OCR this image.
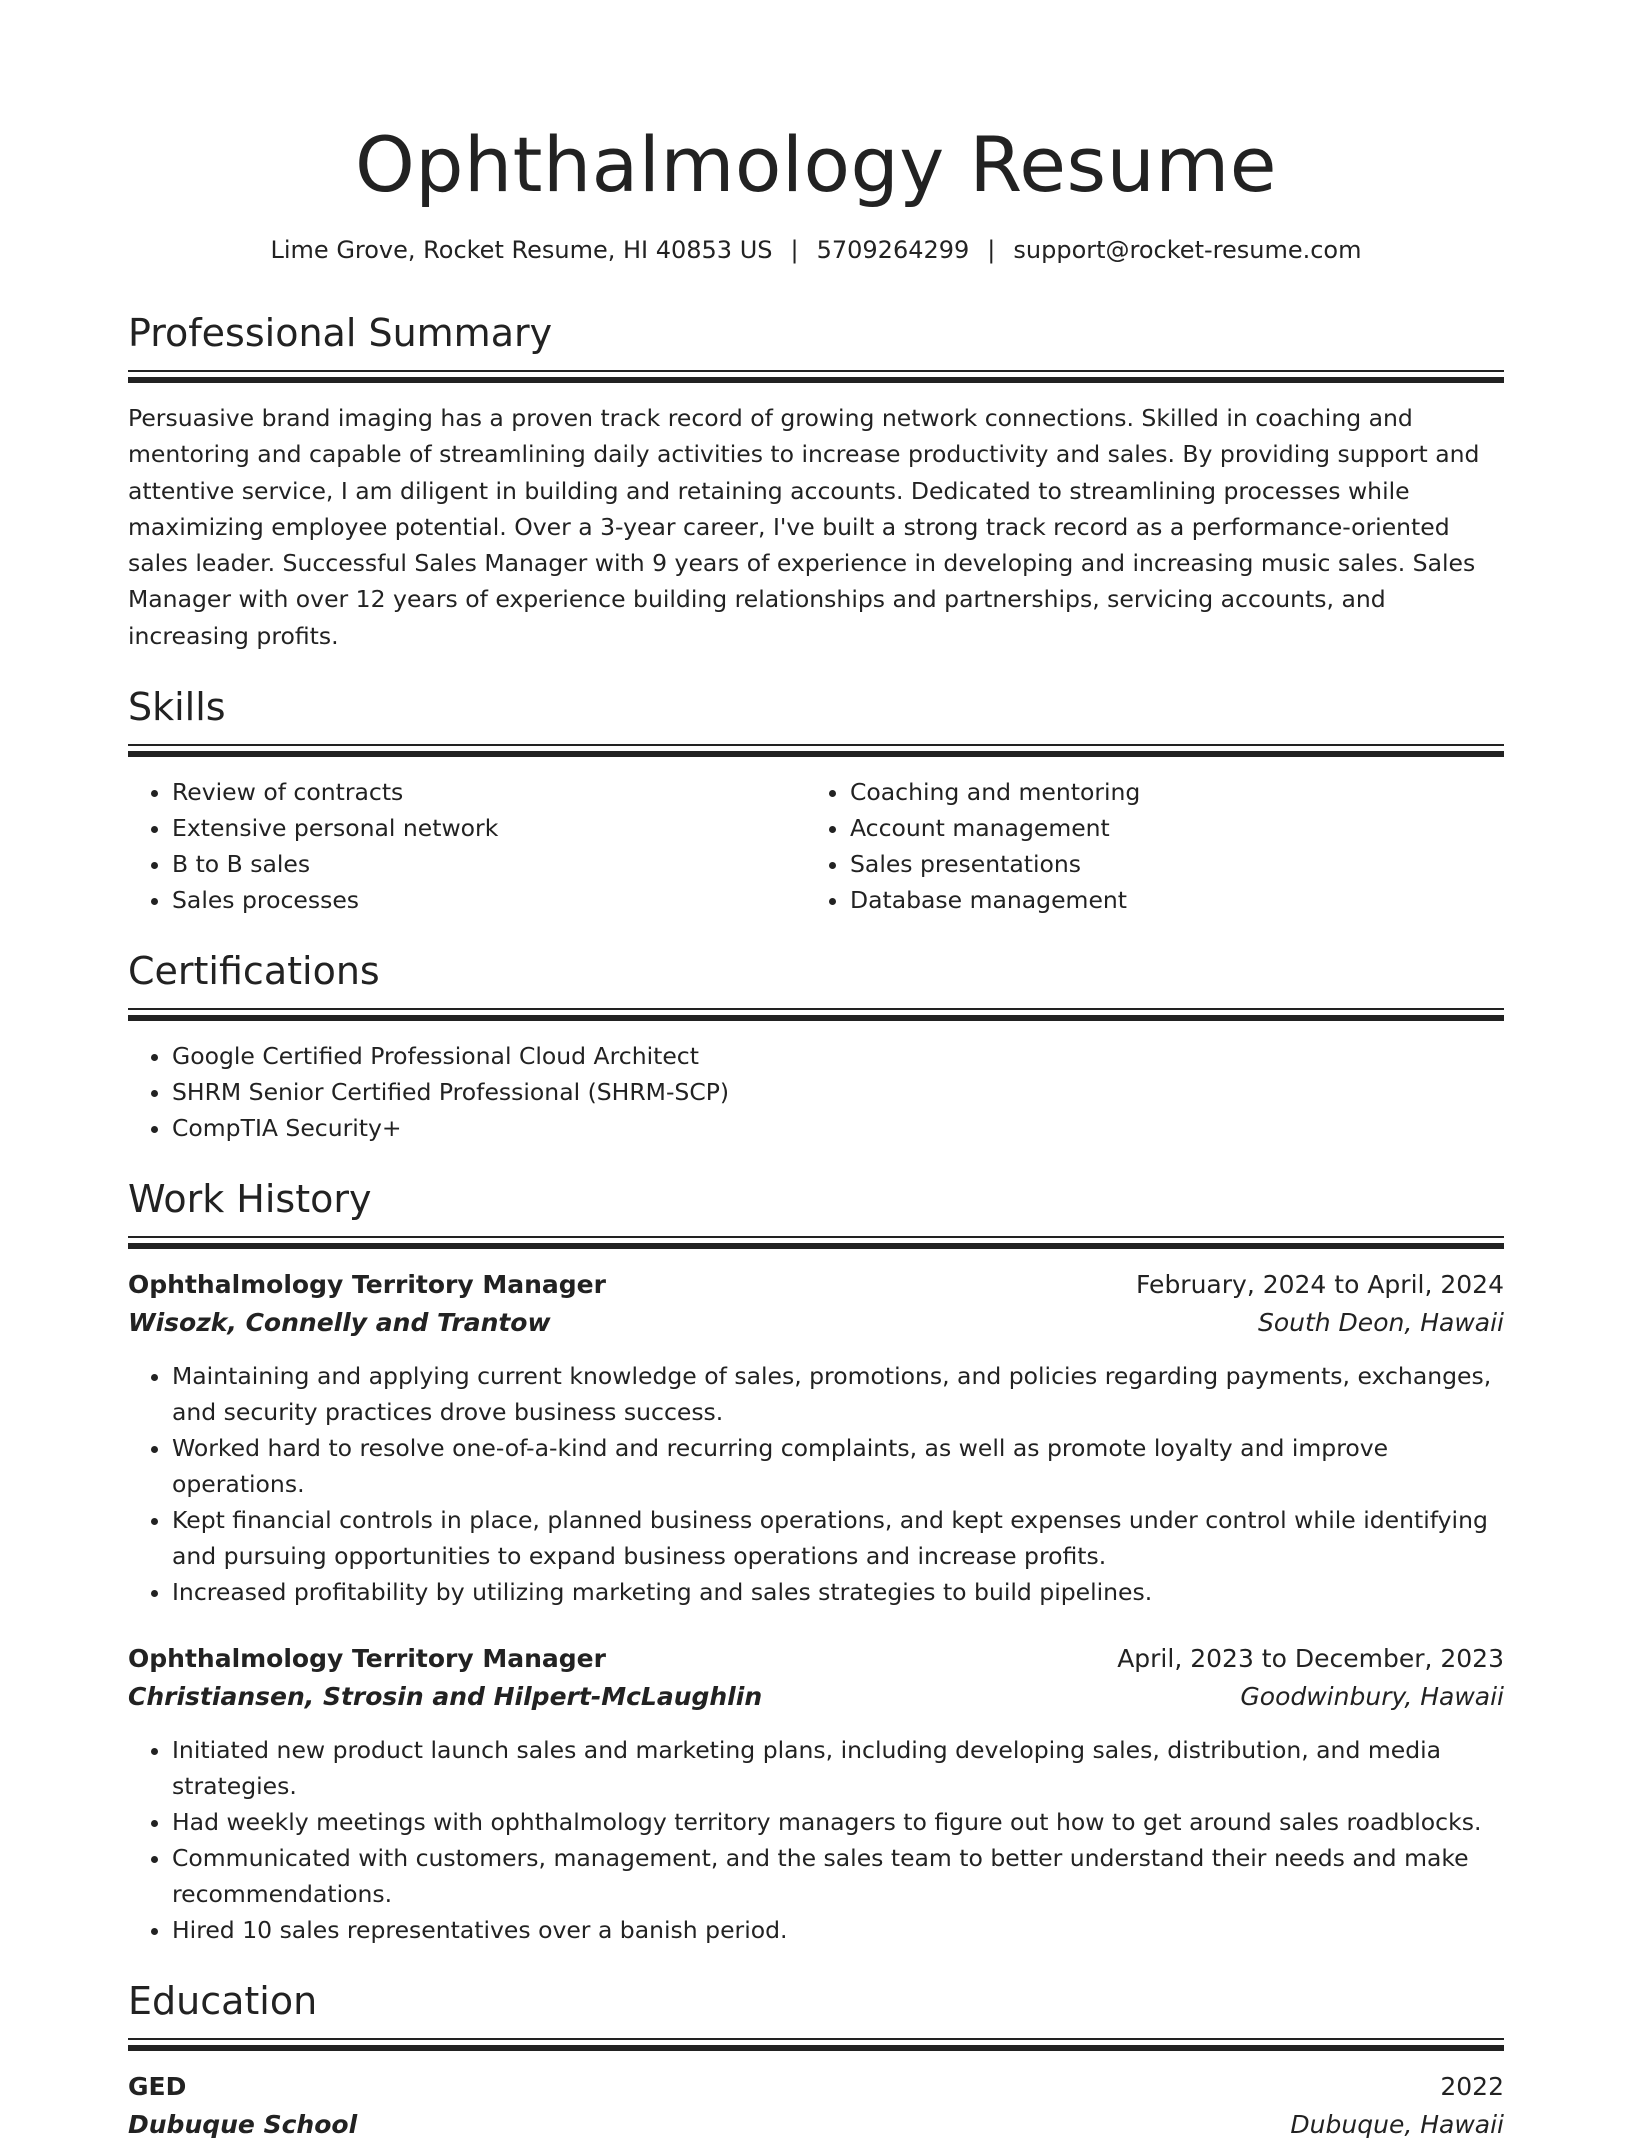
Ophthalmology Resume
Lime Grove, Rocket Resume, HI 40853 US | 5709264299 | support@rocket-resume.com
Professional Summary

Persuasive brand imaging has a proven track record of growing network connections. Skilled in coaching and mentoring and capable of streamlining daily activities to increase productivity and sales. By providing support and attentive service, I am diligent in building and retaining accounts. Dedicated to streamlining processes while maximizing employee potential. Over a 3-year career, I've built a strong track record as a performance-oriented sales leader. Successful Sales Manager with 9 years of experience in developing and increasing music sales. Sales Manager with over 12 years of experience building relationships and partnerships, servicing accounts, and increasing profits.

Skills
• Review of contracts
• Extensive personal network
• B to B sales
• Sales processes
• Coaching and mentoring
• Account management
• Sales presentations
• Database management
Certifications
• Google Certified Professional Cloud Architect
• SHRM Senior Certified Professional (SHRM-SCP)
• CompTIA Security+
Work History
Ophthalmology Territory Manager	February, 2024 to April, 2024
Wisozk, Connelly and Trantow	South Deon, Hawaii
• Maintaining and applying current knowledge of sales, promotions, and policies regarding payments, exchanges, and security practices drove business success.
• Worked hard to resolve one-of-a-kind and recurring complaints, as well as promote loyalty and improve operations.
• Kept financial controls in place, planned business operations, and kept expenses under control while identifying and pursuing opportunities to expand business operations and increase profits.
• Increased profitability by utilizing marketing and sales strategies to build pipelines.
Ophthalmology Territory Manager	April, 2023 to December, 2023
Christiansen, Strosin and Hilpert-McLaughlin	Goodwinbury, Hawaii
• Initiated new product launch sales and marketing plans, including developing sales, distribution, and media strategies.
• Had weekly meetings with ophthalmology territory managers to figure out how to get around sales roadblocks.
• Communicated with customers, management, and the sales team to better understand their needs and make recommendations.
• Hired 10 sales representatives over a banish period.
Education
GED	2022
Dubuque School	Dubuque, Hawaii
